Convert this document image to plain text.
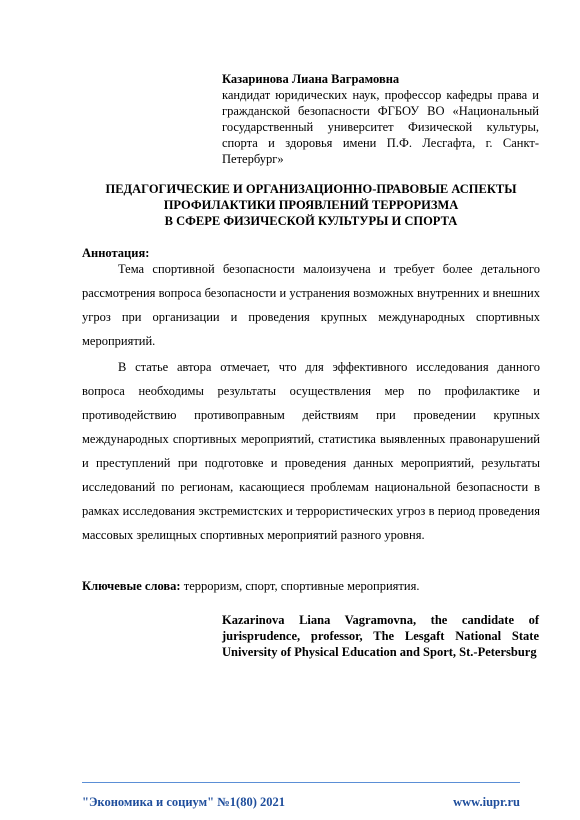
Казаринова Лиана Ваграмовна

кандидат юридических наук, профессор кафедры права и гражданской безопасности ФГБОУ ВО «Национальный государственный университет Физической культуры, спорта и здоровья имени П.Ф. Лесгафта, г. Санкт-Петербург»

ПЕДАГОГИЧЕСКИЕ И ОРГАНИЗАЦИОННО-ПРАВОВЫЕ АСПЕКТЫ
ПРОФИЛАКТИКИ ПРОЯВЛЕНИЙ ТЕРРОРИЗМА
В СФЕРЕ ФИЗИЧЕСКОЙ КУЛЬТУРЫ И СПОРТА

Аннотация:

Тема спортивной безопасности малоизучена и требует более детального рассмотрения вопроса безопасности и устранения возможных внутренних и внешних угроз при организации и проведения крупных международных спортивных мероприятий.

В статье автора отмечает, что для эффективного исследования данного вопроса необходимы результаты осуществления мер по профилактике и противодействию противоправным действиям при проведении крупных международных спортивных мероприятий, статистика выявленных правонарушений и преступлений при подготовке и проведения данных мероприятий, результаты исследований по регионам, касающиеся проблемам национальной безопасности в рамках исследования экстремистских и террористических угроз в период проведения массовых зрелищных спортивных мероприятий разного уровня.

Ключевые слова: терроризм, спорт, спортивные мероприятия.

Kazarinova Liana Vagramovna, the candidate of jurisprudence, professor, The Lesgaft National State University of Physical Education and Sport, St.-Petersburg

"Экономика и социум" №1(80) 2021	www.iupr.ru
